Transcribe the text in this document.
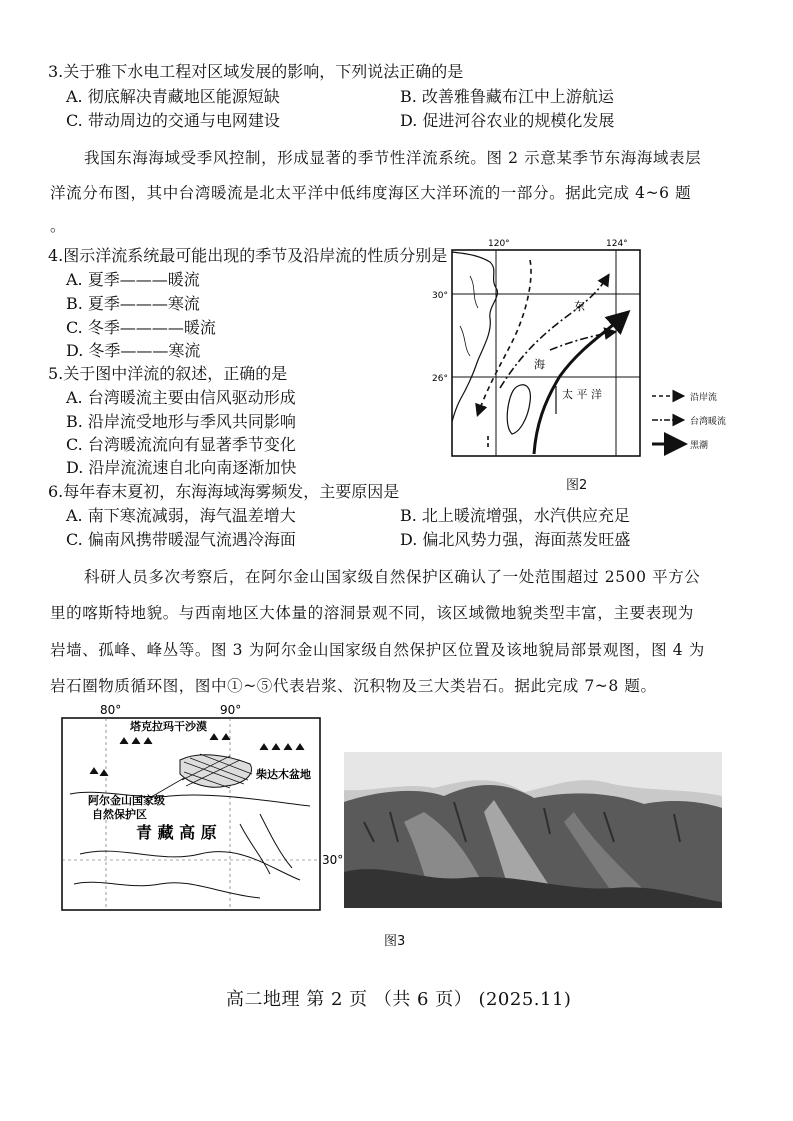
3.关于雅下水电工程对区域发展的影响，下列说法正确的是
A. 彻底解决青藏地区能源短缺	B. 改善雅鲁藏布江中上游航运
C. 带动周边的交通与电网建设	D. 促进河谷农业的规模化发展
我国东海海域受季风控制，形成显著的季节性洋流系统。图 2 示意某季节东海海域表层
洋流分布图，其中台湾暖流是北太平洋中低纬度海区大洋环流的一部分。据此完成 4~6 题
。
4.图示洋流系统最可能出现的季节及沿岸流的性质分别是
A. 夏季———暖流
B. 夏季———寒流
C. 冬季————暖流
D. 冬季———寒流
5.关于图中洋流的叙述，正确的是
A. 台湾暖流主要由信风驱动形成
B. 沿岸流受地形与季风共同影响
C. 台湾暖流流向有显著季节变化
D. 沿岸流流速自北向南逐渐加快
6.每年春末夏初，东海海域海雾频发，主要原因是
A. 南下寒流减弱，海气温差增大	B. 北上暖流增强，水汽供应充足
C. 偏南风携带暖湿气流遇冷海面	D. 偏北风势力强，海面蒸发旺盛
120°	124°
30°
26°
东
海
太 平 洋	沿岸流
台湾暖流
黑潮
图2
科研人员多次考察后，在阿尔金山国家级自然保护区确认了一处范围超过 2500 平方公
里的喀斯特地貌。与西南地区大体量的溶洞景观不同，该区域微地貌类型丰富，主要表现为
岩墙、孤峰、峰丛等。图 3 为阿尔金山国家级自然保护区位置及该地貌局部景观图，图 4 为
岩石圈物质循环图，图中①~⑤代表岩浆、沉积物及三大类岩石。据此完成 7~8 题。
80°	90°
30°
塔克拉玛干沙漠
柴达木盆地
阿尔金山国家级
自然保护区
青 藏 高 原
图3
高二地理 第 2 页 （共 6 页） (2025.11)
